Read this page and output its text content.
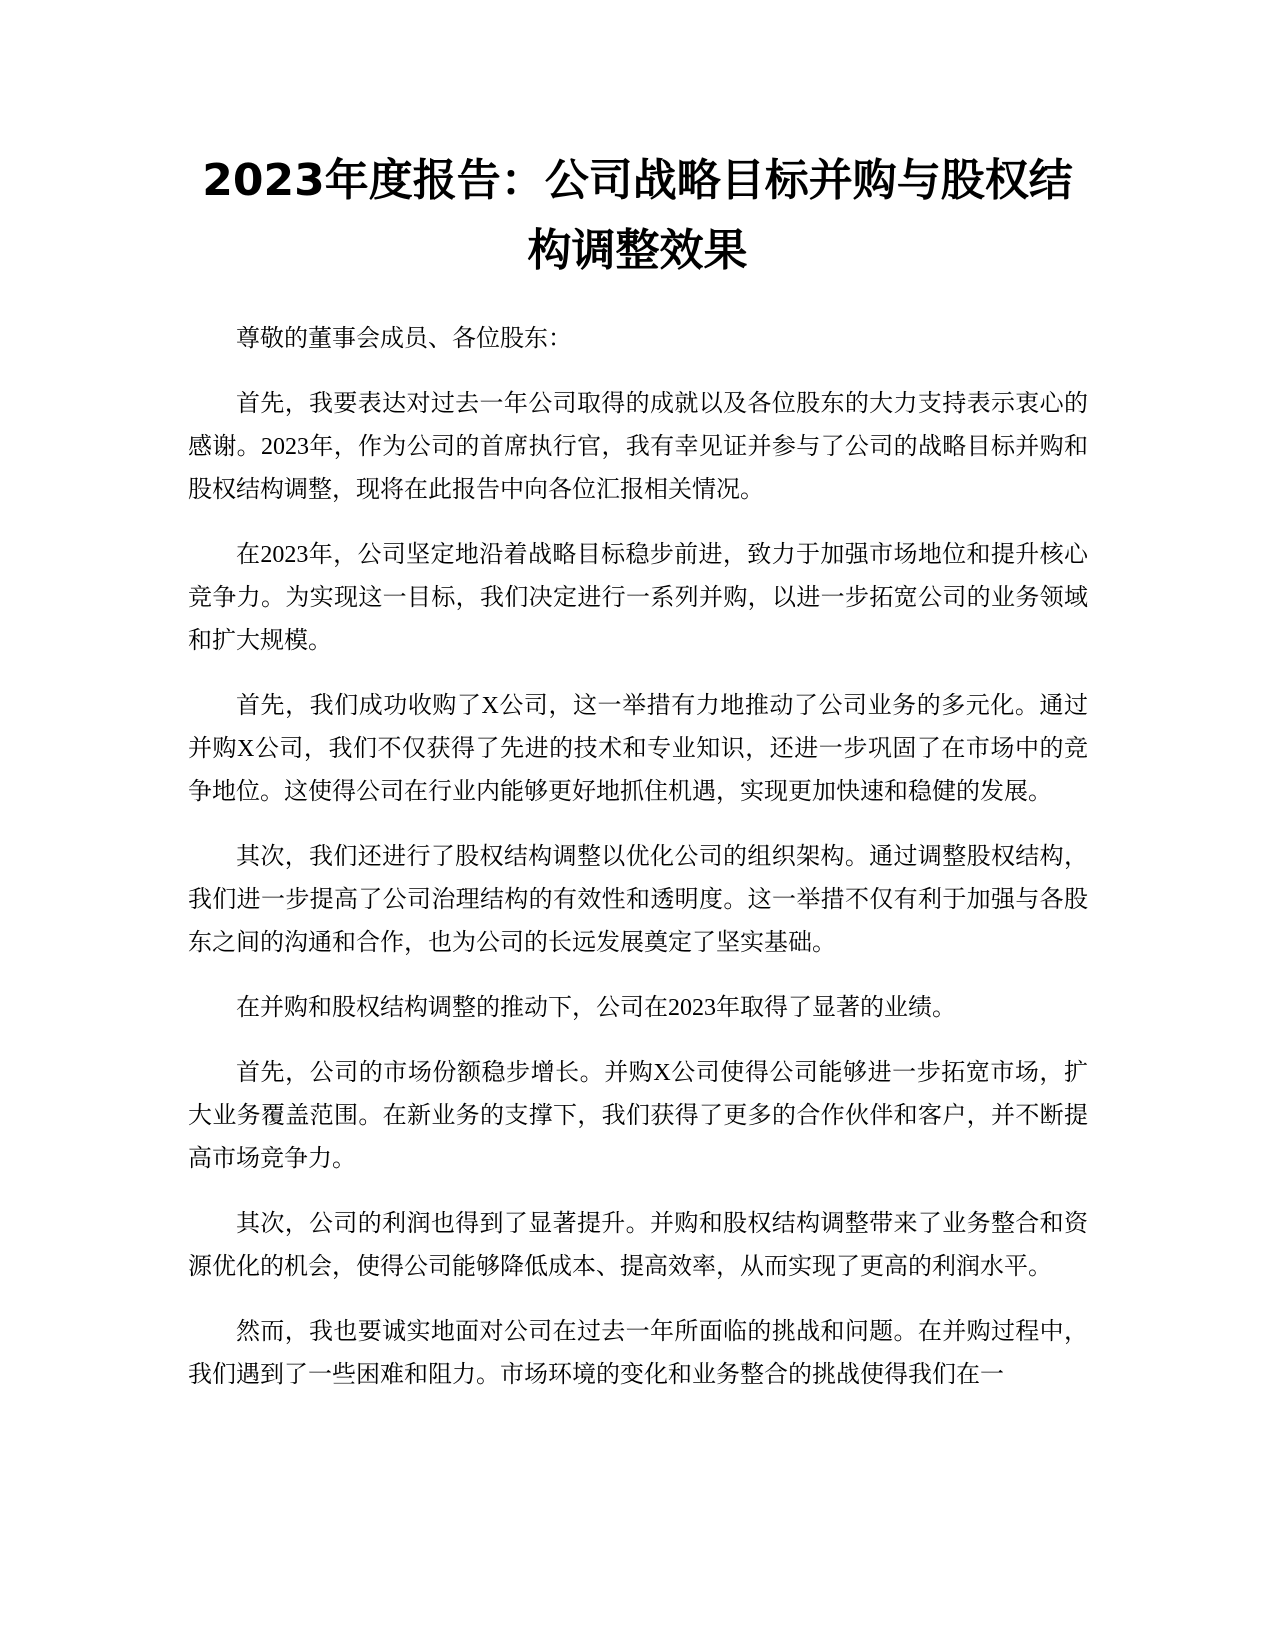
2023年度报告：公司战略目标并购与股权结
构调整效果

尊敬的董事会成员、各位股东：

首先，我要表达对过去一年公司取得的成就以及各位股东的大力支持表示衷心的感谢。2023年，作为公司的首席执行官，我有幸见证并参与了公司的战略目标并购和股权结构调整，现将在此报告中向各位汇报相关情况。

在2023年，公司坚定地沿着战略目标稳步前进，致力于加强市场地位和提升核心竞争力。为实现这一目标，我们决定进行一系列并购，以进一步拓宽公司的业务领域和扩大规模。

首先，我们成功收购了X公司，这一举措有力地推动了公司业务的多元化。通过并购X公司，我们不仅获得了先进的技术和专业知识，还进一步巩固了在市场中的竞争地位。这使得公司在行业内能够更好地抓住机遇，实现更加快速和稳健的发展。

其次，我们还进行了股权结构调整以优化公司的组织架构。通过调整股权结构，我们进一步提高了公司治理结构的有效性和透明度。这一举措不仅有利于加强与各股东之间的沟通和合作，也为公司的长远发展奠定了坚实基础。

在并购和股权结构调整的推动下，公司在2023年取得了显著的业绩。

首先，公司的市场份额稳步增长。并购X公司使得公司能够进一步拓宽市场，扩大业务覆盖范围。在新业务的支撑下，我们获得了更多的合作伙伴和客户，并不断提高市场竞争力。

其次，公司的利润也得到了显著提升。并购和股权结构调整带来了业务整合和资源优化的机会，使得公司能够降低成本、提高效率，从而实现了更高的利润水平。

然而，我也要诚实地面对公司在过去一年所面临的挑战和问题。在并购过程中，我们遇到了一些困难和阻力。市场环境的变化和业务整合的挑战使得我们在一
